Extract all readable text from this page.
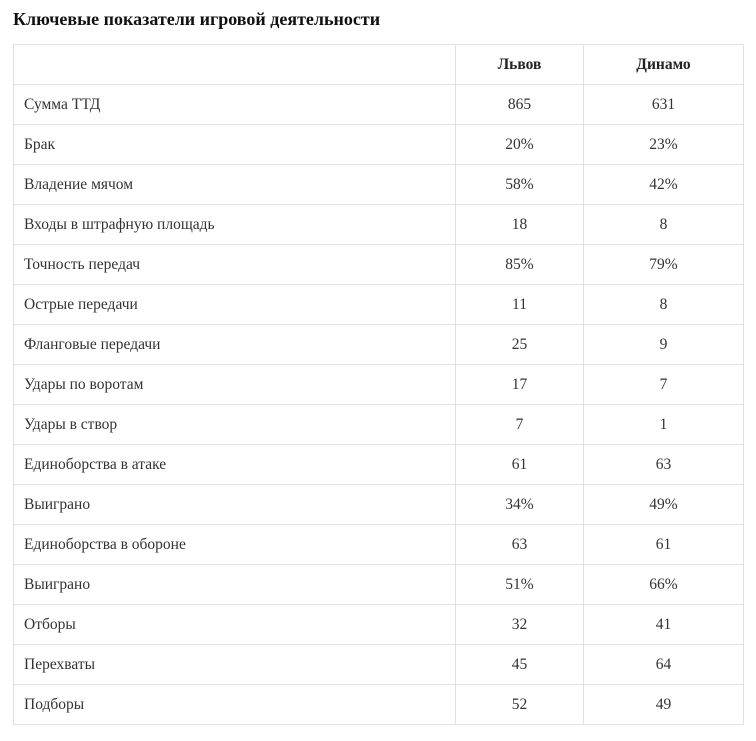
Ключевые показатели игровой деятельности
	Львов	Динамо
Сумма ТТД	865	631
Брак	20%	23%
Владение мячом	58%	42%
Входы в штрафную площадь	18	8
Точность передач	85%	79%
Острые передачи	11	8
Фланговые передачи	25	9
Удары по воротам	17	7
Удары в створ	7	1
Единоборства в атаке	61	63
Выиграно	34%	49%
Единоборства в обороне	63	61
Выиграно	51%	66%
Отборы	32	41
Перехваты	45	64
Подборы	52	49
